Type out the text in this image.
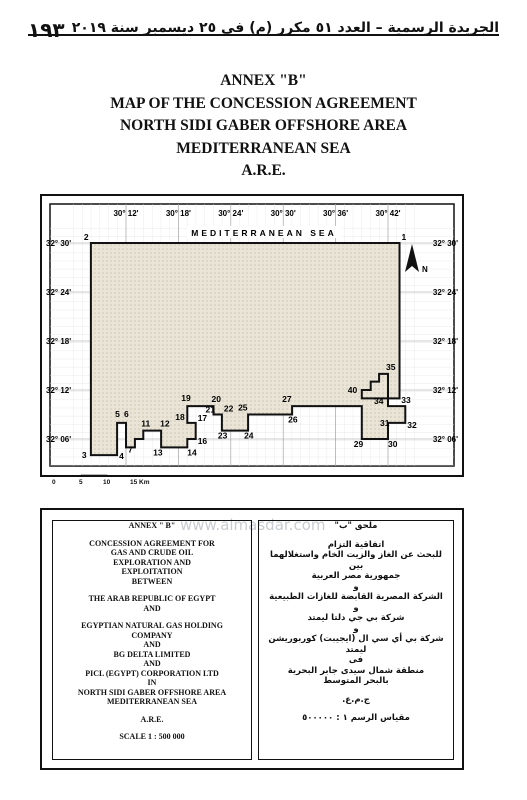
١٩٣ الجريدة الرسمية – العدد ٥١ مكرر (م) فى ٢٥ ديسمبر سنة ٢٠١٩
ANNEX "B"
MAP OF THE CONCESSION AGREEMENT
NORTH SIDI GABER OFFSHORE AREA
MEDITERRANEAN SEA
A.R.E.
30° 12'	30° 18'	30° 24'	30° 30'	30° 36'	30° 42'
32° 30'	32° 30'
32° 24'	32° 24'
32° 18'	32° 18'
32° 12'	32° 12'
32° 06'	32° 06'
1
2
3	4
5 6
7
11 12
13	14
16
17
18
19 20
21 22
23 24
25
26
27
29	30
31 32
33
34
35
40
MEDITERRANEAN SEA
N
0	5	10	15 Km
www.almasdar.com
ANNEX " B"
CONCESSION AGREEMENT FOR
GAS AND CRUDE OIL
EXPLORATION AND
EXPLOITATION
BETWEEN
THE ARAB REPUBLIC OF EGYPT
AND
EGYPTIAN NATURAL GAS HOLDING
COMPANY
AND
BG DELTA LIMITED
AND
PICL (EGYPT) CORPORATION LTD
IN
NORTH SIDI GABER OFFSHORE AREA
MEDITERRANEAN SEA
A.R.E.
SCALE 1 : 500 000
ملحق "ب"
اتفاقية التزام
للبحث عن الغاز والزيت الخام واستغلالهما
بين
جمهورية مصر العربية
و
الشركة المصرية القابضة للغازات الطبيعية
و
شركة بي جي دلتا ليمتد
و
شركة بي أي سي ال (ايجيبت) كوربوريشن ليمتد
فى
منطقة شمال سيدى جابر البحرية
بالبحر المتوسط
ج.م.ع.
مقياس الرسم ١ : ٥٠٠٠٠٠
